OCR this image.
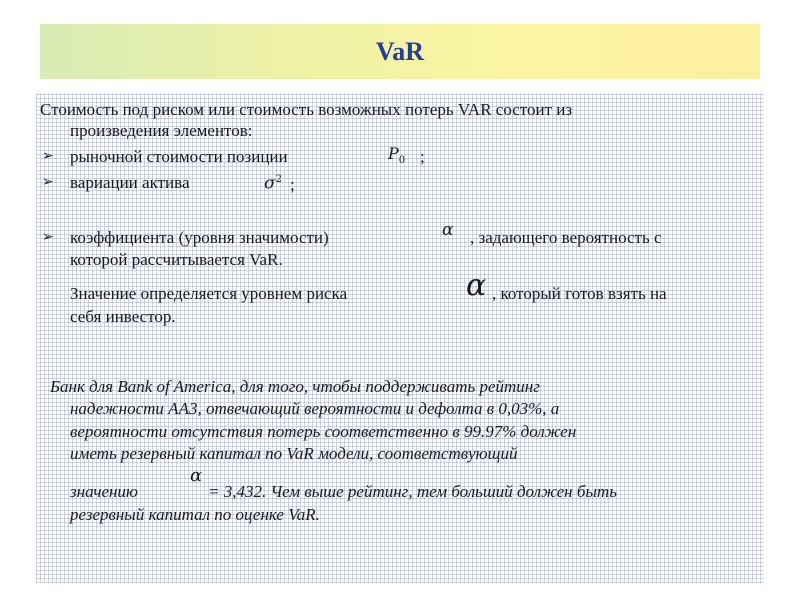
VaR
Стоимость под риском или стоимость возможных потерь VAR состоит из
произведения элементов:
➢ рыночной стоимости позиции	$P_0$ ;
➢ вариации актива	$\sigma^2$ ;
➢ коэффициента (уровня значимости)	α , задающего вероятность с
которой рассчитывается VaR.
Значение определяется уровнем риска	α , который готов взять на
себя инвестор.
Банк для Bank of America, для того, чтобы поддерживать рейтинг
надежности АА3, отвечающий вероятности и дефолта в 0,03%, а
вероятности отсутствия потерь соответственно в 99.97% должен
иметь резервный капитал по VaR модели, соответствующий
значению
α
= 3,432. Чем выше рейтинг, тем больший должен быть
резервный капитал по оценке VaR.
